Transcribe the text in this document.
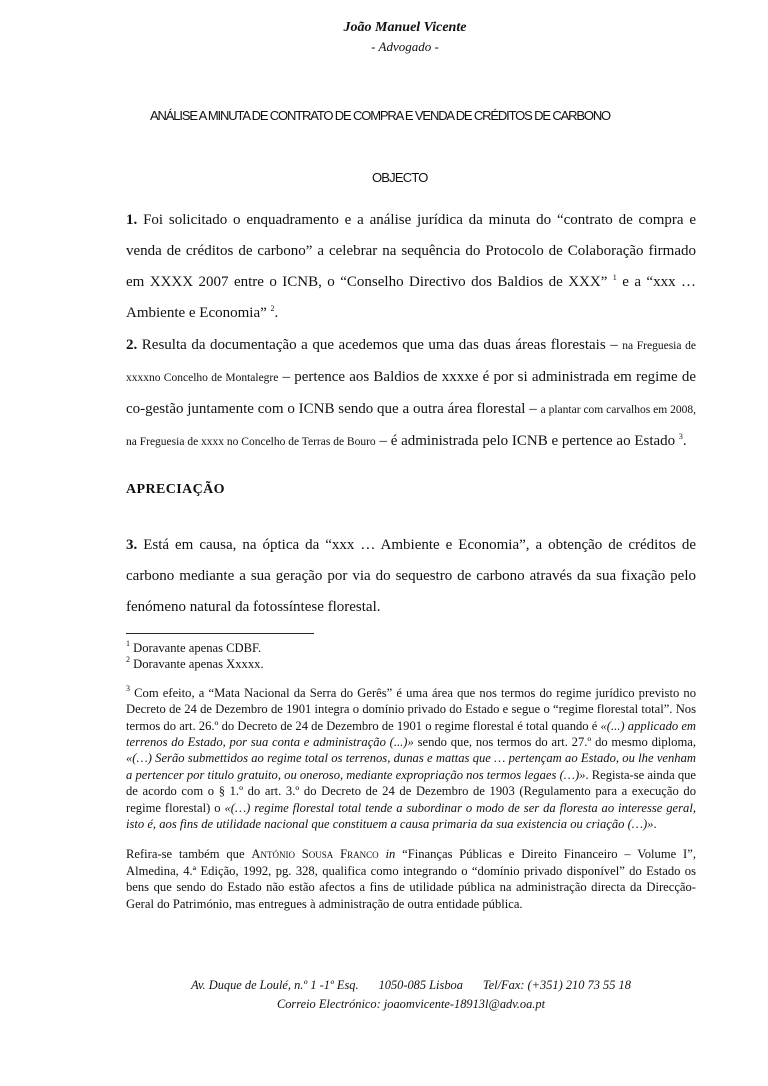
João Manuel Vicente
- Advogado -
ANÁLISE A MINUTA DE CONTRATO DE COMPRA E VENDA DE CRÉDITOS DE CARBONO
OBJECTO
1. Foi solicitado o enquadramento e a análise jurídica da minuta do “contrato de compra e venda de créditos de carbono” a celebrar na sequência do Protocolo de Colaboração firmado em XXXX 2007 entre o ICNB, o “Conselho Directivo dos Baldios de XXX” $^1$ e a “xxx … Ambiente e Economia” $^2$.
2. Resulta da documentação a que acedemos que uma das duas áreas florestais – na Freguesia de xxxxno Concelho de Montalegre – pertence aos Baldios de xxxxe é por si administrada em regime de co-gestão juntamente com o ICNB sendo que a outra área florestal – a plantar com carvalhos em 2008, na Freguesia de xxxx no Concelho de Terras de Bouro – é administrada pelo ICNB e pertence ao Estado $^3$.
APRECIAÇÃO
3. Está em causa, na óptica da “xxx … Ambiente e Economia”, a obtenção de créditos de carbono mediante a sua geração por via do sequestro de carbono através da sua fixação pelo fenómeno natural da fotossíntese florestal.

$^1$ Doravante apenas CDBF.

$^2$ Doravante apenas Xxxxx.

$^3$ Com efeito, a “Mata Nacional da Serra do Gerês” é uma área que nos termos do regime jurídico previsto no Decreto de 24 de Dezembro de 1901 integra o domínio privado do Estado e segue o “regime florestal total”. Nos termos do art. 26.º do Decreto de 24 de Dezembro de 1901 o regime florestal é total quando é «(...) applicado em terrenos do Estado, por sua conta e administração (...)» sendo que, nos termos do art. 27.º do mesmo diploma, «(…) Serão submettidos ao regime total os terrenos, dunas e mattas que … pertençam ao Estado, ou lhe venham a pertencer por titulo gratuito, ou oneroso, mediante expropriação nos termos legaes (…)». Regista-se ainda que de acordo com o § 1.º do art. 3.º do Decreto de 24 de Dezembro de 1903 (Regulamento para a execução do regime florestal) o «(…) regime florestal total tende a subordinar o modo de ser da floresta ao interesse geral, isto é, aos fins de utilidade nacional que constituem a causa primaria da sua existencia ou criação (…)».

Refira-se também que António Sousa Franco in “Finanças Públicas e Direito Financeiro – Volume I”, Almedina, 4.ª Edição, 1992, pg. 328, qualifica como integrando o “domínio privado disponível” do Estado os bens que sendo do Estado não estão afectos a fins de utilidade pública na administração directa da Direcção-Geral do Património, mas entregues à administração de outra entidade pública.

Av. Duque de Loulé, n.º 1 -1º Esq. 1050-085 Lisboa Tel/Fax: (+351) 210 73 55 18
Correio Electrónico: joaomvicente-18913l@adv.oa.pt
